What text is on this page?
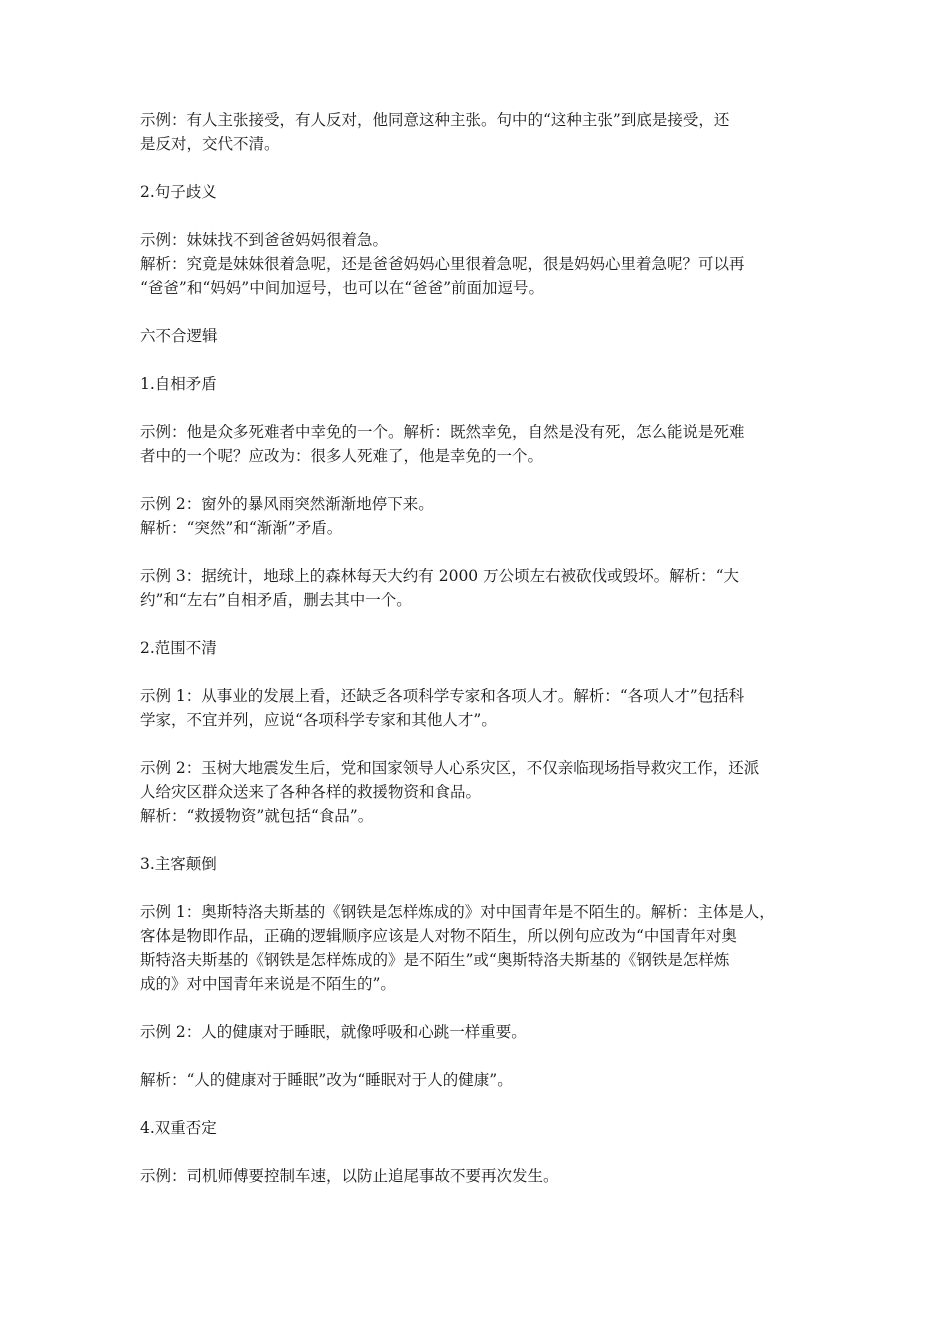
示例：有人主张接受，有人反对，他同意这种主张。句中的“这种主张”到底是接受，还
是反对，交代不清。
2.句子歧义
示例：妹妹找不到爸爸妈妈很着急。
解析：究竟是妹妹很着急呢，还是爸爸妈妈心里很着急呢，很是妈妈心里着急呢？可以再
“爸爸”和“妈妈”中间加逗号，也可以在“爸爸”前面加逗号。
六不合逻辑
1.自相矛盾
示例：他是众多死难者中幸免的一个。解析：既然幸免，自然是没有死，怎么能说是死难
者中的一个呢？应改为：很多人死难了，他是幸免的一个。
示例 2：窗外的暴风雨突然渐渐地停下来。
解析：“突然”和“渐渐”矛盾。
示例 3：据统计，地球上的森林每天大约有 2000 万公顷左右被砍伐或毁坏。解析：“大
约”和“左右”自相矛盾，删去其中一个。
2.范围不清
示例 1：从事业的发展上看，还缺乏各项科学专家和各项人才。解析：“各项人才”包括科
学家，不宜并列，应说“各项科学专家和其他人才”。
示例 2：玉树大地震发生后，党和国家领导人心系灾区，不仅亲临现场指导救灾工作，还派
人给灾区群众送来了各种各样的救援物资和食品。
解析：“救援物资”就包括“食品”。
3.主客颠倒
示例 1：奥斯特洛夫斯基的《钢铁是怎样炼成的》对中国青年是不陌生的。解析：主体是人，
客体是物即作品，正确的逻辑顺序应该是人对物不陌生，所以例句应改为“中国青年对奥
斯特洛夫斯基的《钢铁是怎样炼成的》是不陌生”或“奥斯特洛夫斯基的《钢铁是怎样炼
成的》对中国青年来说是不陌生的”。
示例 2：人的健康对于睡眠，就像呼吸和心跳一样重要。
解析：“人的健康对于睡眠”改为“睡眠对于人的健康”。
4.双重否定
示例：司机师傅要控制车速，以防止追尾事故不要再次发生。
